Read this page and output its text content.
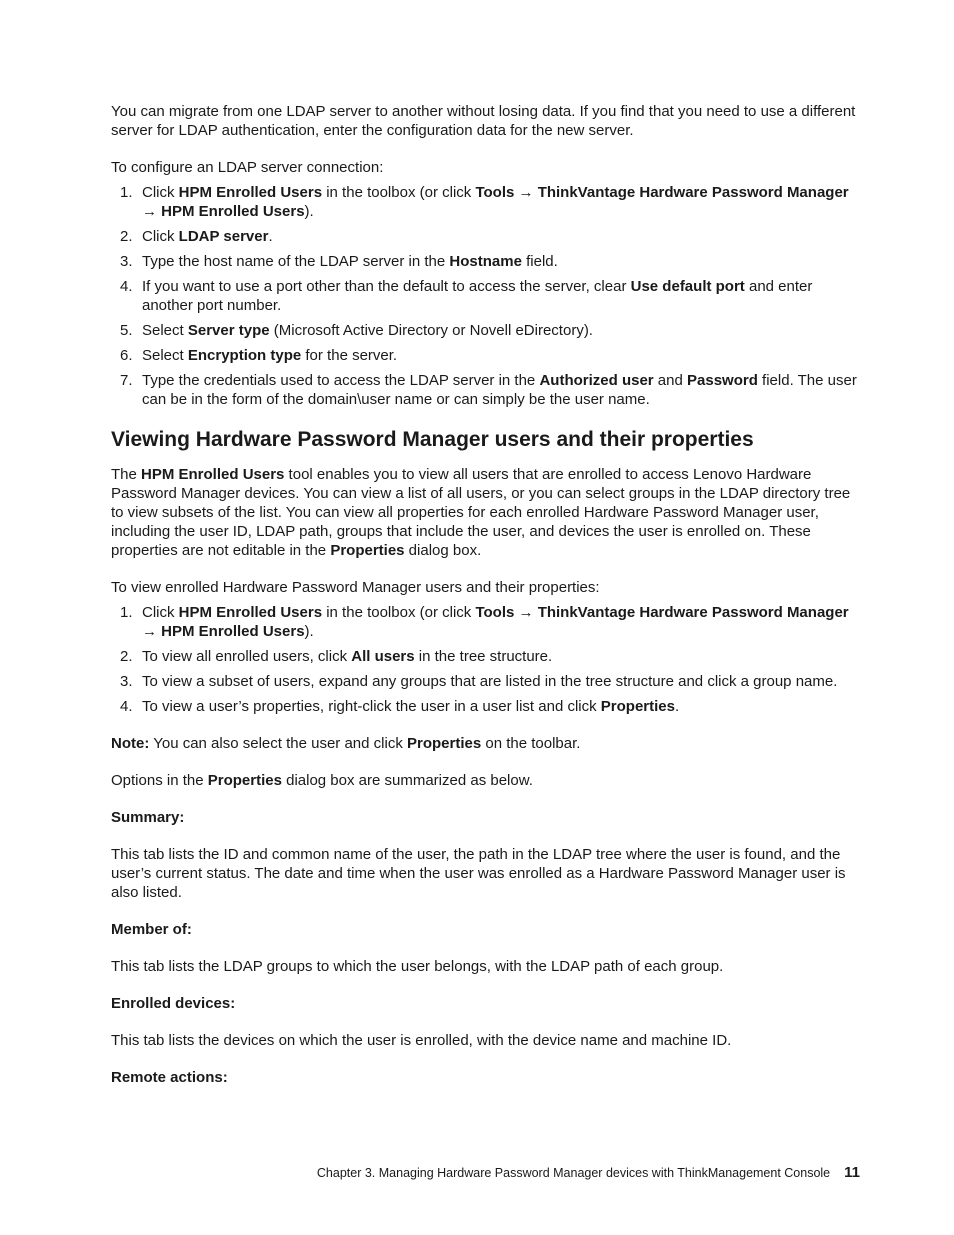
You can migrate from one LDAP server to another without losing data. If you find that you need to use a different server for LDAP authentication, enter the configuration data for the new server.

To configure an LDAP server connection:

1. Click HPM Enrolled Users in the toolbox (or click Tools → ThinkVantage Hardware Password Manager → HPM Enrolled Users).
2. Click LDAP server.
3. Type the host name of the LDAP server in the Hostname field.
4. If you want to use a port other than the default to access the server, clear Use default port and enter another port number.
5. Select Server type (Microsoft Active Directory or Novell eDirectory).
6. Select Encryption type for the server.
7. Type the credentials used to access the LDAP server in the Authorized user and Password field. The user can be in the form of the domain\user name or can simply be the user name.
Viewing Hardware Password Manager users and their properties

The HPM Enrolled Users tool enables you to view all users that are enrolled to access Lenovo Hardware Password Manager devices. You can view a list of all users, or you can select groups in the LDAP directory tree to view subsets of the list. You can view all properties for each enrolled Hardware Password Manager user, including the user ID, LDAP path, groups that include the user, and devices the user is enrolled on. These properties are not editable in the Properties dialog box.

To view enrolled Hardware Password Manager users and their properties:

1. Click HPM Enrolled Users in the toolbox (or click Tools → ThinkVantage Hardware Password Manager → HPM Enrolled Users).
2. To view all enrolled users, click All users in the tree structure.
3. To view a subset of users, expand any groups that are listed in the tree structure and click a group name.
4. To view a user’s properties, right-click the user in a user list and click Properties.

Note: You can also select the user and click Properties on the toolbar.

Options in the Properties dialog box are summarized as below.

Summary:

This tab lists the ID and common name of the user, the path in the LDAP tree where the user is found, and the user’s current status. The date and time when the user was enrolled as a Hardware Password Manager user is also listed.

Member of:

This tab lists the LDAP groups to which the user belongs, with the LDAP path of each group.

Enrolled devices:

This tab lists the devices on which the user is enrolled, with the device name and machine ID.

Remote actions:

Chapter 3. Managing Hardware Password Manager devices with ThinkManagement Console 11
